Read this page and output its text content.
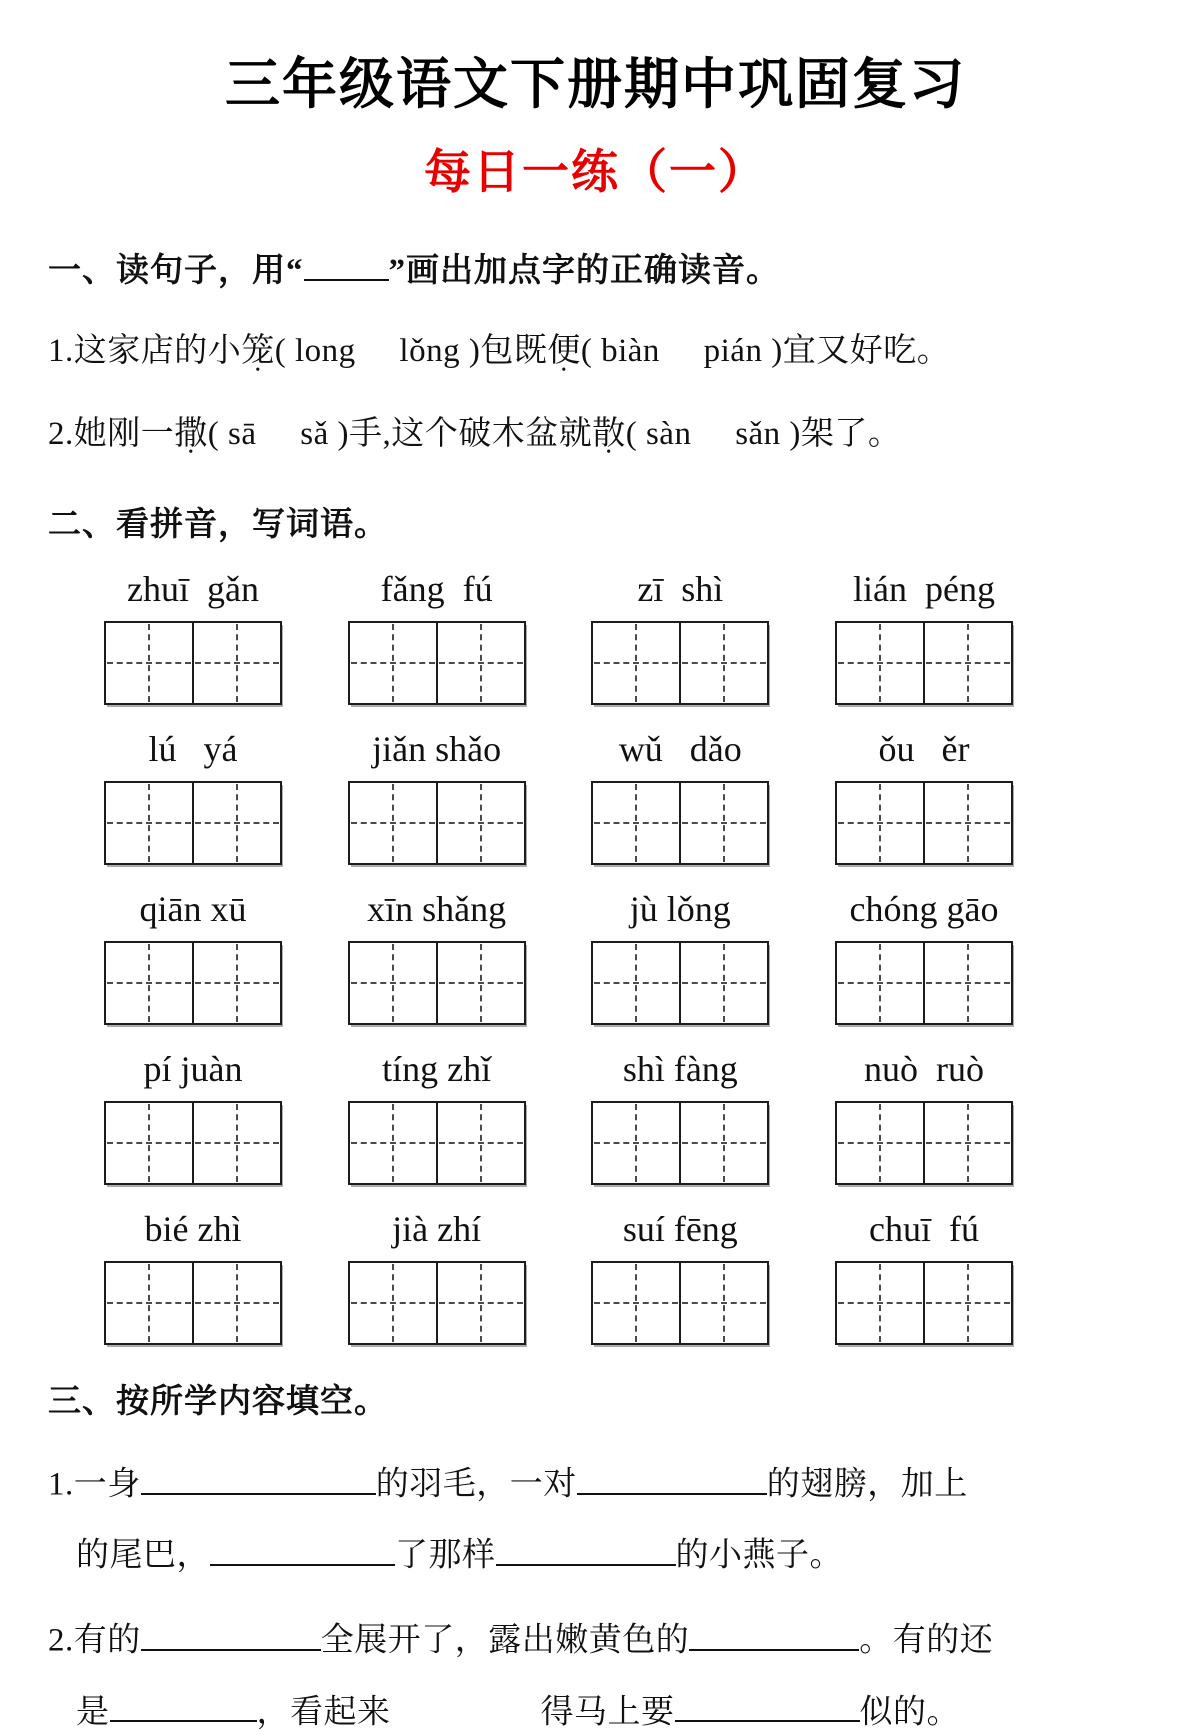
三年级语文下册期中巩固复习
每日一练（一）
一、读句子，用“	”画出加点字的正确读音。
1.这家店的小笼( long     lǒng )包既便( biàn     pián )宜又好吃。
2.她刚一撒( sā     sǎ )手,这个破木盆就散( sàn     sǎn )架了。
二、看拼音，写词语。
zhuī  gǎn	fǎng  fú	zī  shì	lián  péng
lú   yá	jiǎn shǎo	wǔ   dǎo	ǒu   ěr
qiān xū	xīn shǎng	jù lǒng	chóng gāo
pí juàn	tíng zhǐ	shì fàng	nuò  ruò
bié zhì	jià zhí	suí fēng	chuī  fú
三、按所学内容填空。
1.一身	的羽毛，一对	的翅膀，加上
的尾巴，	了那样	的小燕子。
2.有的	全展开了，露出嫩黄色的	。有的还
是	，看起来	得马上要	似的。
